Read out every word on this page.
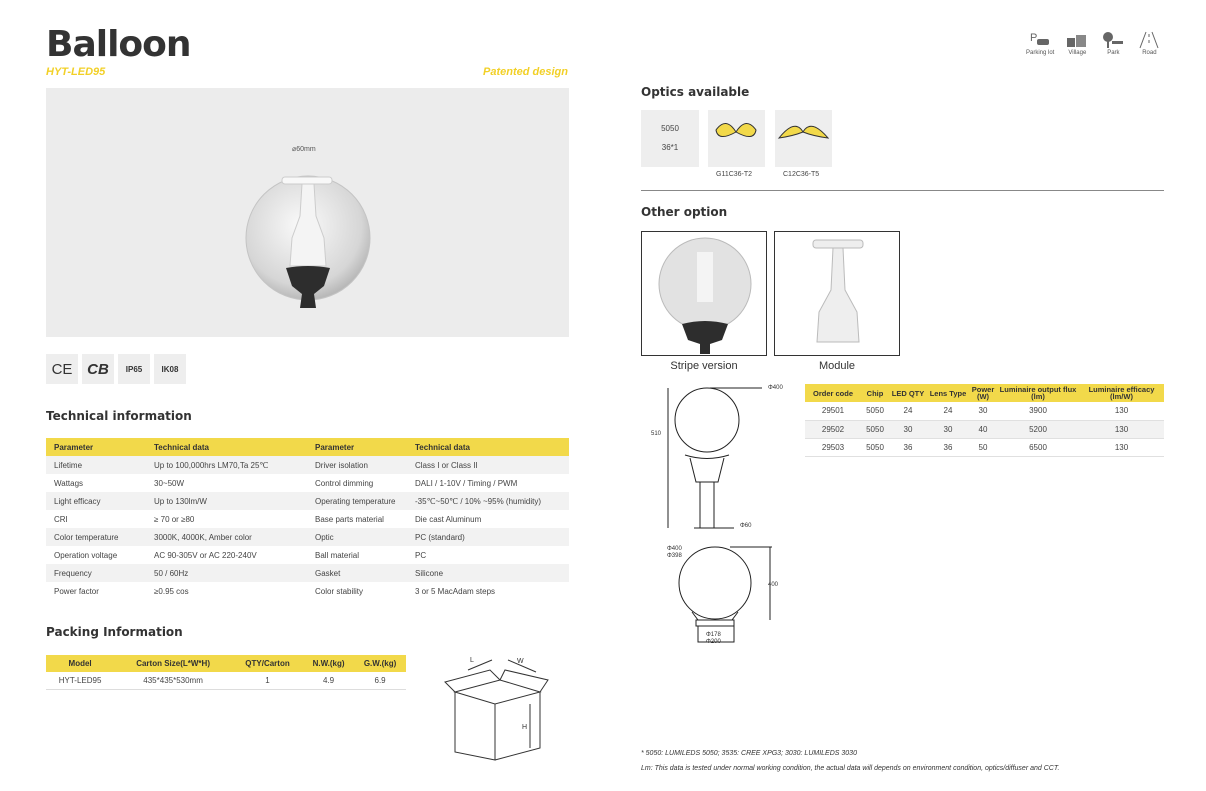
Balloon
HYT-LED95	Patented design
⌀60mm
CE CB	IP65	IK08
Technical information
Parameter	Technical data	Parameter	Technical data
Lifetime	Up to 100,000hrs LM70,Ta 25℃	Driver isolation	Class I or Class II
Wattags	30~50W	Control dimming	DALI / 1-10V / Timing / PWM
Light efficacy	Up to 130lm/W	Operating temperature	-35℃~50℃ / 10% ~95% (humidity)
CRI	≥ 70 or ≥80	Base parts material	Die cast Aluminum
Color temperature	3000K, 4000K, Amber color	Optic	PC (standard)
Operation voltage	AC 90-305V or AC 220-240V	Ball material	PC
Frequency	50 / 60Hz	Gasket	Silicone
Power factor	≥0.95 cos	Color stability	3 or 5 MacAdam steps
Packing Information
Model	Carton Size(L*W*H)	QTY/Carton	N.W.(kg)	G.W.(kg)
HYT-LED95	435*435*530mm	1	4.9	6.9
L	W
H
P
Parking lot Village	Park	Road
Optics available
5050
36*1
G11C36-T2	C12C36-T5
Other option
Stripe version	Module
Φ400
510
Φ60
Φ400
Φ398
400
Φ178
Φ200
Order code	Chip	LED QTY	Lens Type	Power (W)	Luminaire output flux (lm)	Luminaire efficacy (lm/W)
29501	5050	24	24	30	3900	130
29502	5050	30	30	40	5200	130
29503	5050	36	36	50	6500	130
* 5050: LUMILEDS 5050; 3535: CREE XPG3; 3030: LUMILEDS 3030
Lm: This data is tested under normal working condition, the actual data will depends on environment condition, optics/diffuser and CCT.
